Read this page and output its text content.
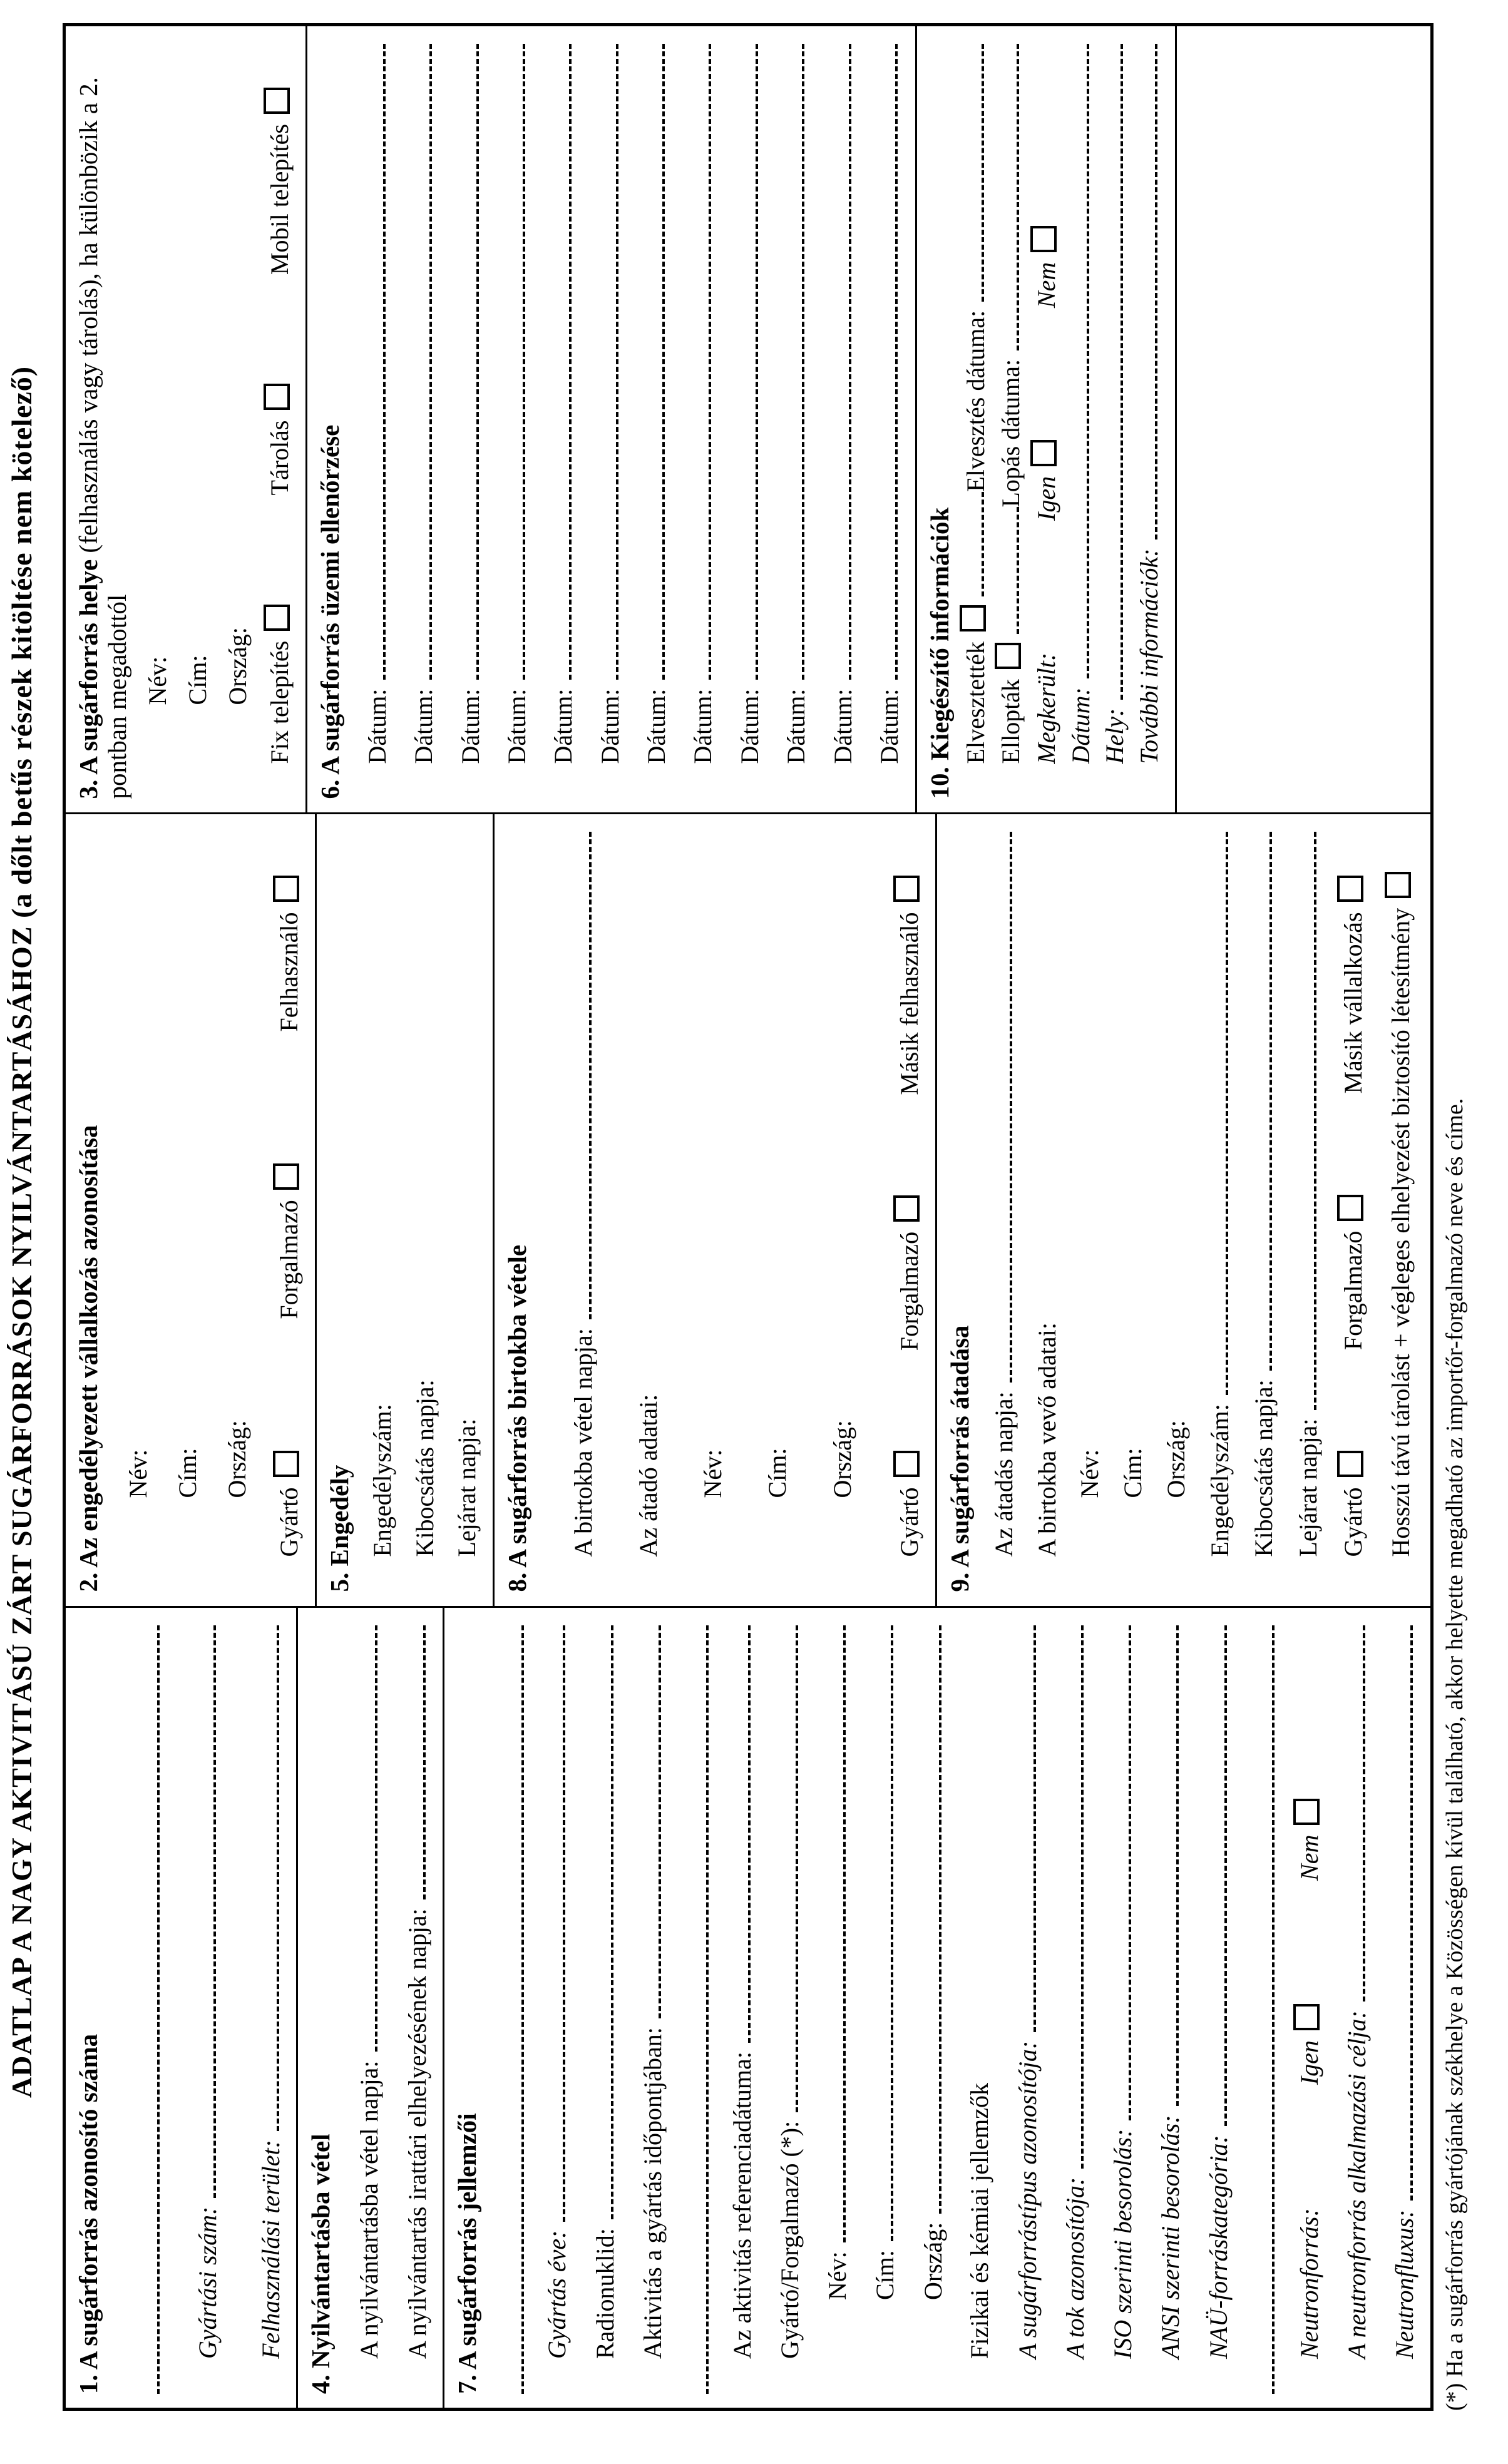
ADATLAP A NAGY AKTIVITÁSÚ ZÁRT SUGÁRFORRÁSOK NYILVÁNTARTÁSÁHOZ (a dőlt betűs részek kitöltése nem kötelező)
1. A sugárforrás azonosító száma	Gyártási szám: Felhasználási terület: 4. Nyilvántartásba vétel A nyilvántartásba vétel napja: A nyilvántartás irattári elhelyezésének napja: 7. A sugárforrás jellemzői Gyártás éve: Radionuklid: Aktivitás a gyártás időpontjában: Az aktivitás referenciadátuma: Gyártó/Forgalmazó (*): Név: Cím: Ország: Fizikai és kémiai jellemzők A sugárforrástípus azonosítója: A tok azonosítója: ISO szerinti besorolás: ANSI szerinti besorolás: NAÜ-forráskategória: Neutronforrás:
Igen
Nem
A neutronforrás alkalmazási célja: Neutronfluxus:
2. Az engedélyezett vállalkozás azonosítása Név: Cím: Ország:
Gyártó
Forgalmazó
Felhasználó
5. Engedély Engedélyszám: Kibocsátás napja: Lejárat napja: 8. A sugárforrás birtokba vétele A birtokba vétel napja: Az átadó adatai: Név: Cím: Ország:
Gyártó
Forgalmazó
Másik felhasználó
9. A sugárforrás átadása Az átadás napja: A birtokba vevő adatai: Név: Cím: Ország: Engedélyszám: Kibocsátás napja: Lejárat napja: Gyártó
Forgalmazó
Másik vállalkozás Hosszú távú tárolást + végleges elhelyezést biztosító létesítmény
3. A sugárforrás helye (felhasználás vagy tárolás), ha különbözik a 2. pontban megadottól Név: Cím: Ország: Fix telepítés
Tárolás
Mobil telepítés
6. A sugárforrás üzemi ellenőrzése Dátum: Dátum: Dátum: Dátum: Dátum: Dátum: Dátum: Dátum: Dátum: Dátum: Dátum: Dátum: 10. Kiegészítő információk Elvesztették
Elvesztés dátuma:
Ellopták
Lopás dátuma:
Megkerült:
Igen
Nem
Dátum: Hely: További információk:
(*) Ha a sugárforrás gyártójának székhelye a Közösségen kívül található, akkor helyette megadható az importőr-forgalmazó neve és címe.
